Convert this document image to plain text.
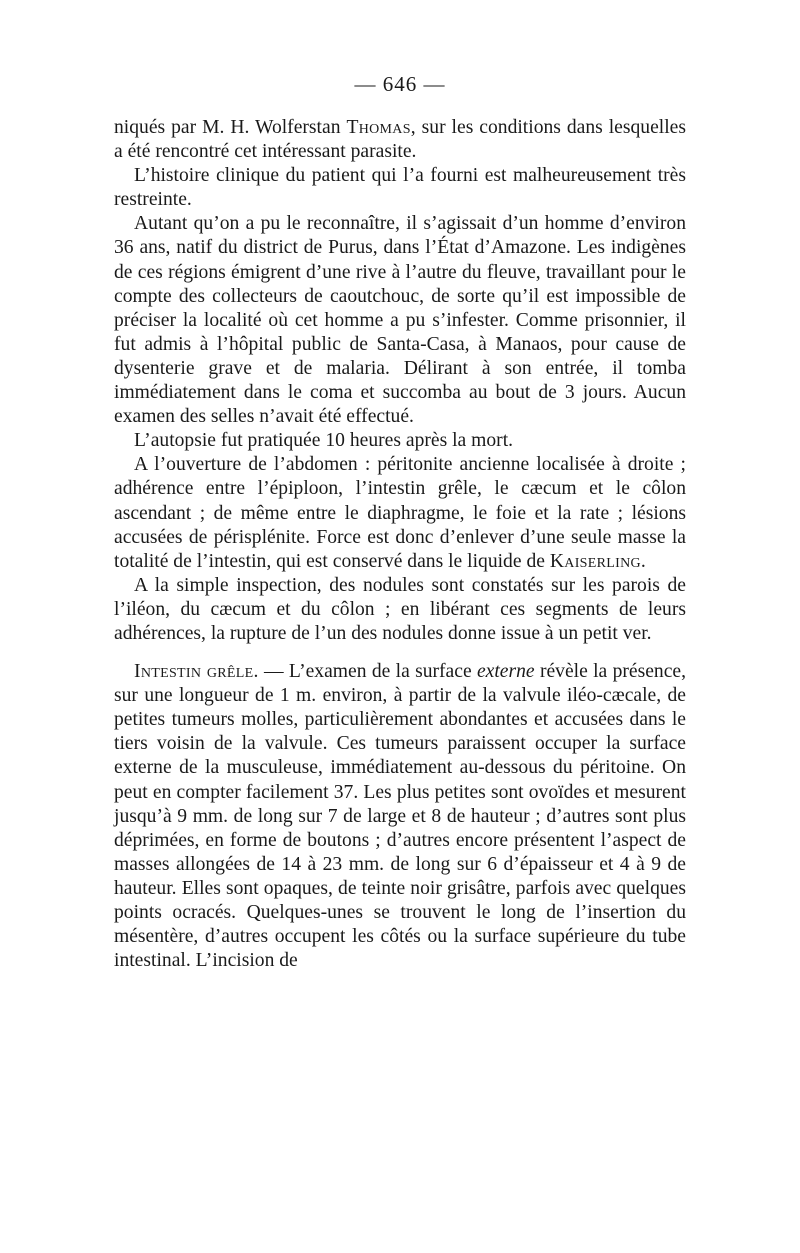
— 646 —

niqués par M. H. Wolferstan Thomas, sur les conditions dans lesquelles a été rencontré cet intéressant parasite.

L’histoire clinique du patient qui l’a fourni est malheureusement très restreinte.

Autant qu’on a pu le reconnaître, il s’agissait d’un homme d’environ 36 ans, natif du district de Purus, dans l’État d’Amazone. Les indigènes de ces régions émigrent d’une rive à l’autre du fleuve, travaillant pour le compte des collecteurs de caoutchouc, de sorte qu’il est impossible de préciser la localité où cet homme a pu s’infester. Comme prisonnier, il fut admis à l’hôpital public de Santa-Casa, à Manaos, pour cause de dysenterie grave et de malaria. Délirant à son entrée, il tomba immédiatement dans le coma et succomba au bout de 3 jours. Aucun examen des selles n’avait été effectué.

L’autopsie fut pratiquée 10 heures après la mort.

A l’ouverture de l’abdomen : péritonite ancienne localisée à droite ; adhérence entre l’épiploon, l’intestin grêle, le cæcum et le côlon ascendant ; de même entre le diaphragme, le foie et la rate ; lésions accusées de périsplénite. Force est donc d’enlever d’une seule masse la totalité de l’intestin, qui est conservé dans le liquide de Kaiserling.

A la simple inspection, des nodules sont constatés sur les parois de l’iléon, du cæcum et du côlon ; en libérant ces segments de leurs adhérences, la rupture de l’un des nodules donne issue à un petit ver.

Intestin grêle. — L’examen de la surface externe révèle la présence, sur une longueur de 1 m. environ, à partir de la valvule iléo-cæcale, de petites tumeurs molles, particulièrement abondantes et accusées dans le tiers voisin de la valvule. Ces tumeurs paraissent occuper la surface externe de la musculeuse, immédiatement au-dessous du péritoine. On peut en compter facilement 37. Les plus petites sont ovoïdes et mesurent jusqu’à 9 mm. de long sur 7 de large et 8 de hauteur ; d’autres sont plus déprimées, en forme de boutons ; d’autres encore présentent l’aspect de masses allongées de 14 à 23 mm. de long sur 6 d’épaisseur et 4 à 9 de hauteur. Elles sont opaques, de teinte noir grisâtre, parfois avec quelques points ocracés. Quelques-unes se trouvent le long de l’insertion du mésentère, d’autres occupent les côtés ou la surface supérieure du tube intestinal. L’incision de
